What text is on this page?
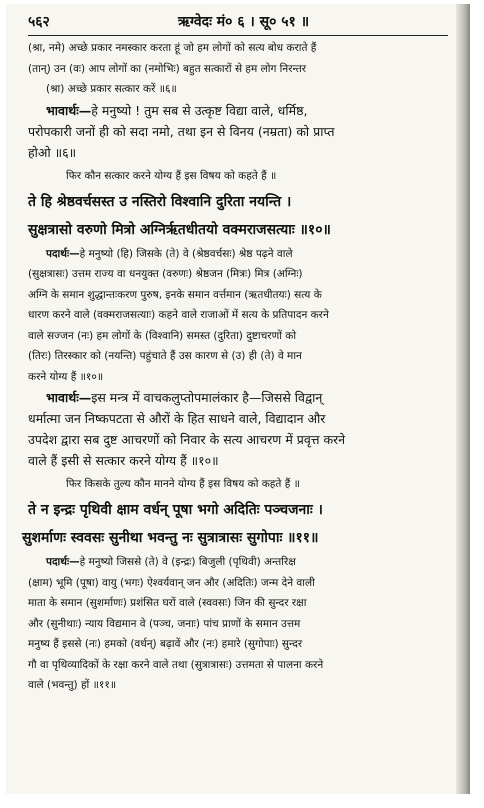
५६२	ऋग्वेदः मं० ६ । सू० ५१ ॥

(श्रा, नमे) अच्छे प्रकार नमस्कार करता हूं जो हम लोगों को सत्य बोध कराते हैं

(तान्) उन (वः) आप लोगों का (नमोभिः) बहुत सत्कारों से हम लोग निरन्तर

(श्रा) अच्छे प्रकार सत्कार करें ॥६॥

भावार्थः—हे मनुष्यो ! तुम सब से उत्कृष्ट विद्या वाले, धर्मिष्ठ,

परोपकारी जनों ही को सदा नमो, तथा इन से विनय (नम्रता) को प्राप्त

होओ ॥६॥

फिर कौन सत्कार करने योग्य हैं इस विषय को कहते हैं ॥

ते हि श्रेष्ठवर्चसस्त उ नस्तिरो विश्वानि दुरिता नयन्ति ।

सुक्षत्रासो वरुणो मित्रो अग्निर्ऋतधीतयो वक्मराजसत्याः ॥१०॥

पदार्थः—हे मनुष्यो (हि) जिसके (ते) वे (श्रेष्ठवर्चसः) श्रेष्ठ पढ़ने वाले

(सुक्षत्रासः) उत्तम राज्य वा धनयुक्त (वरुणः) श्रेष्ठजन (मित्रः) मित्र (अग्निः)

अग्नि के समान शुद्धान्तःकरण पुरुष, इनके समान वर्त्तमान (ऋतधीतयः) सत्य के

धारण करने वाले (वक्मराजसत्याः) कहने वाले राजाओं में सत्य के प्रतिपादन करने

वाले सज्जन (नः) हम लोगों के (विश्वानि) समस्त (दुरिता) दुष्टाचरणों को

(तिरः) तिरस्कार को (नयन्ति) पहुंचाते हैं उस कारण से (उ) ही (ते) वे मान

करने योग्य हैं ॥१०॥

भावार्थः—इस मन्त्र में वाचकलुप्तोपमालंकार है—जिससे विद्वान्

धर्मात्मा जन निष्कपटता से औरों के हित साधने वाले, विद्यादान और

उपदेश द्वारा सब दुष्ट आचरणों को निवार के सत्य आचरण में प्रवृत्त करने

वाले हैं इसी से सत्कार करने योग्य हैं ॥१०॥

फिर किसके तुल्य कौन मानने योग्य हैं इस विषय को कहते हैं ॥

ते न इन्द्रः पृथिवी क्षाम वर्धन् पूषा भगो अदितिः पञ्चजनाः ।

सुशर्माणः स्ववसः सुनीथा भवन्तु नः सुत्रात्रासः सुगोपाः ॥११॥

पदार्थः—हे मनुष्यो जिससे (ते) वे (इन्द्रः) बिजुली (पृथिवी) अन्तरिक्ष

(क्षाम) भूमि (पूषा) वायु (भगः) ऐश्वर्यवान् जन और (अदितिः) जन्म देने वाली

माता के समान (सुशर्माणः) प्रशंसित घरों वाले (स्ववसः) जिन की सुन्दर रक्षा

और (सुनीथाः) न्याय विद्यमान वे (पञ्च, जनाः) पांच प्राणों के समान उत्तम

मनुष्य हैं इससे (नः) हमको (वर्धन्) बढ़ावें और (नः) हमारे (सुगोपाः) सुन्दर

गौ वा पृथिव्यादिकों के रक्षा करने वाले तथा (सुत्रात्रासः) उत्तमता से पालना करने

वाले (भवन्तु) हों ॥११॥
